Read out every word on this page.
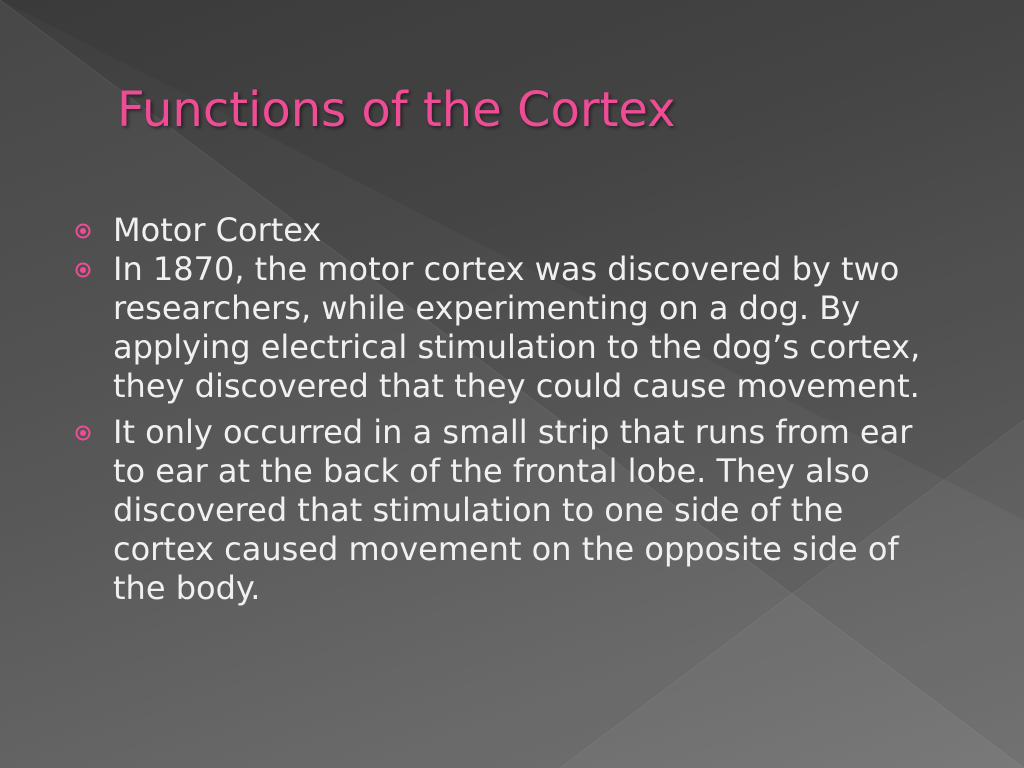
Functions of the Cortex
Motor Cortex
In 1870, the motor cortex was discovered by two researchers, while experimenting on a dog. By applying electrical stimulation to the dog’s cortex, they discovered that they could cause movement.
It only occurred in a small strip that runs from ear to ear at the back of the frontal lobe. They also discovered that stimulation to one side of the cortex caused movement on the opposite side of the body.
